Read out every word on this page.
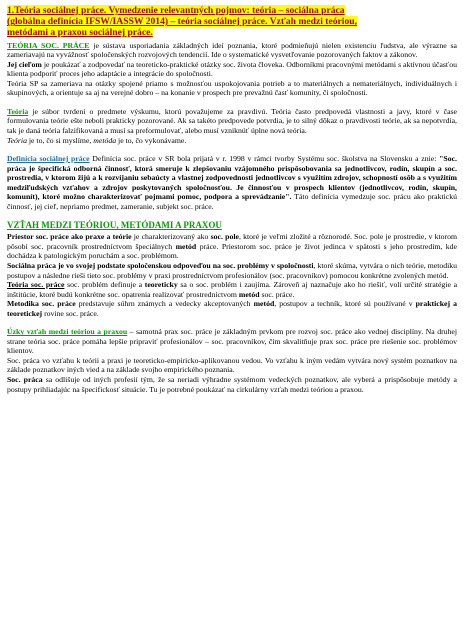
1.Teória sociálnej práce. Vymedzenie relevantných pojmov: teória – sociálna práca
(globálna definícia IFSW/IASSW 2014) – teória sociálnej práce. Vzťah medzi teóriou,
metódami a praxou sociálnej práce.

TEÓRIA SOC. PRÁCE je sústava usporiadania základných ideí poznania, ktoré podmieňujú nielen existenciu ľudstva, ale výrazne sa zameriavajú na vyvážnosť spoločenských rozvojových tendencií. Ide o systematické vysvetľovanie pozorovaných faktov a zákonov.

Jej cieľom je poukázať a zodpovedať na teoreticko-praktické otázky soc. života človeka. Odborníkmi pracovnými metódami s aktívnou účasťou klienta podporiť proces jeho adaptácie a integrácie do spoločnosti.

Teória SP sa zameriava na otázky spojené priamo s možnosťou uspokojovania potrieb a to materiálnych a nemateriálnych, individuálnych i skupinových, a orientuje sa aj na verejné dobro – na konanie v prospech pre prevažnú časť komunity, či spoločnosti.

Teória je súbor tvrdení o predmete výskumu, ktorú považujeme za pravdivú. Teória často predpovedá vlastnosti a javy, ktoré v čase formulovania teórie ešte neboli prakticky pozorované. Ak sa takéto predpovede potvrdia, je to silný dôkaz o pravdivosti teórie, ak sa nepotvrdia, tak je daná teória falzifikovaná a musí sa preformulovať, alebo musí vzniknúť úplne nová teória.

Teória je to, čo si myslíme, metóda je to, čo vykonávame.

Definícia sociálnej práce Definícia soc. práce v SR bola prijatá v r. 1998 v rámci tvorby Systému soc. školstva na Slovensku a znie: "Soc. práca je špecifická odborná činnosť, ktorá smeruje k zlepšovaniu vzájomného prispôsobovania sa jednotlivcov, rodín, skupín a soc. prostredia, v ktorom žijú a k rozvíjaniu sebaúcty a vlastnej zodpovednosti jednotlivcov s využitím zdrojov, schopností osôb a s využitím medziľudských vzťahov a zdrojov poskytovaných spoločnosťou. Je činnosťou v prospech klientov (jednotlivcov, rodín, skupín, komunít), ktoré možno charakterizovať pojmami pomoc, podpora a sprevádzanie". Táto definícia vymedzuje soc. prácu ako praktickú činnosť, jej cieľ, nepriamo predmet, zameranie, subjekt soc. práce.

VZŤAH MEDZI TEÓRIOU, METÓDAMI A PRAXOU

Priestor soc. práce ako praxe a teórie je charakterizovaný ako soc. pole, ktoré je veľmi zložité a rôznorodé. Soc. pole je prostredie, v ktorom pôsobí soc. pracovník prostredníctvom špeciálnych metód práce. Priestorom soc. práce je život jedinca v spätosti s jeho prostredím, kde dochádza k patologickým poruchám a soc. problémom.

Sociálna práca je vo svojej podstate spoločenskou odpoveďou na soc. problémy v spoločnosti, ktoré skúma, vytvára o nich teórie, metodiku postupov a následne rieši tieto soc. problémy v praxi prostredníctvom profesionálov (soc. pracovníkov) pomocou konkrétne zvolených metód.

Teória soc. práce soc. problém definuje a teoreticky sa o soc. problém i zaujíma. Zároveň aj naznačuje ako ho riešiť, volí určité stratégie a inštitúcie, ktoré budú konkrétne soc. opatrenia realizovať prostredníctvom metód soc. práce.

Metodika soc. práce predstavuje súhrn známych a vedecky akceptovaných metód, postupov a techník, ktoré sú používané v praktickej a teoretickej rovine soc. práce.

Úzky vzťah medzi teóriou a praxou – samotná prax soc. práce je základným prvkom pre rozvoj soc. práce ako vednej disciplíny. Na druhej strane teória soc. práce pomáha lepšie pripraviť profesionálov – soc. pracovníkov, čím skvalitňuje prax soc. práce pre riešenie soc. problémov klientov.

Soc. práca vo vzťahu k teórii a praxi je teoreticko-empiricko-aplikovanou vedou. Vo vzťahu k iným vedám vytvára nový systém poznatkov na základe poznatkov iných vied a na základe svojho empirického poznania.

Soc. práca sa odlišuje od iných profesií tým, že sa neriadi výhradne systémom vedeckých poznatkov, ale vyberá a prispôsobuje metódy a postupy prihliadajúc na špecifickosť situácie. Tu je potrebné poukázať na cirkulárny vzťah medzi teóriou a praxou.
